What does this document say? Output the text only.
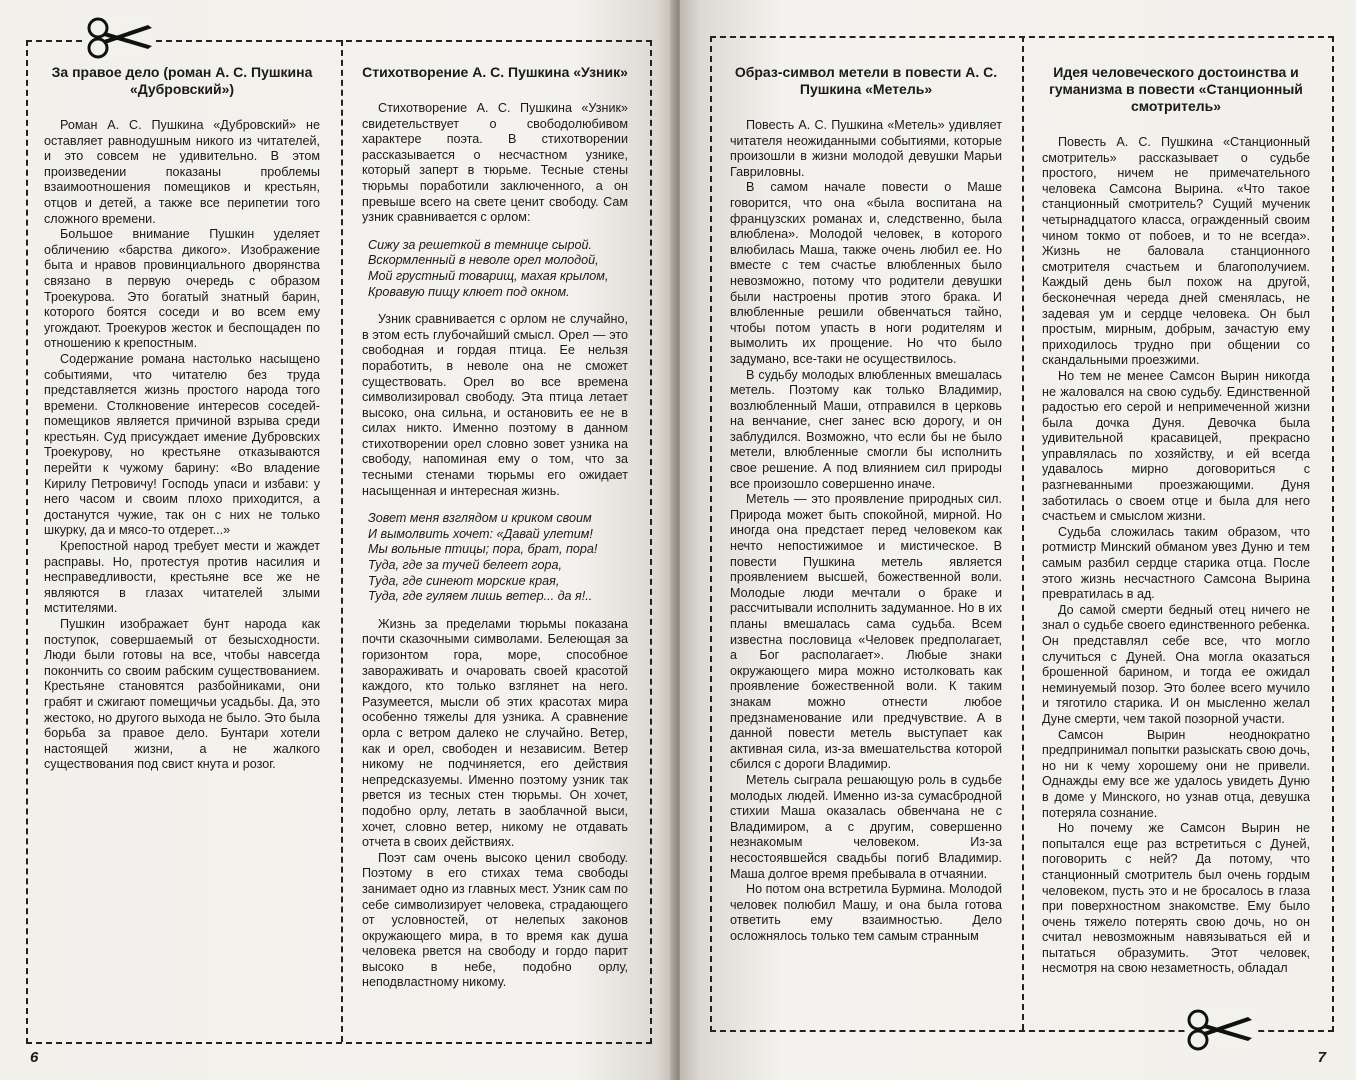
За правое дело (роман А. С. Пушкина «Дубровский»)

Роман А. С. Пушкина «Дубровский» не оставляет равнодушным никого из читателей, и это совсем не удивительно. В этом произведении показаны проблемы взаимоотношения помещиков и крестьян, отцов и детей, а также все перипетии того сложного времени.

Большое внимание Пушкин уделяет обличению «барства дикого». Изображение быта и нравов провинциального дворянства связано в первую очередь с образом Троекурова. Это богатый знатный барин, которого боятся соседи и во всем ему угождают. Троекуров жесток и беспощаден по отношению к крепостным.

Содержание романа настолько насыщено событиями, что читателю без труда представляется жизнь простого народа того времени. Столкновение интересов соседей-помещиков является причиной взрыва среди крестьян. Суд присуждает имение Дубровских Троекурову, но крестьяне отказываются перейти к чужому барину: «Во владение Кирилу Петровичу! Господь упаси и избави: у него часом и своим плохо приходится, а достанутся чужие, так он с них не только шкурку, да и мясо-то отдерет...»

Крепостной народ требует мести и жаждет расправы. Но, протестуя против насилия и несправедливости, крестьяне все же не являются в глазах читателей злыми мстителями.

Пушкин изображает бунт народа как поступок, совершаемый от безысходности. Люди были готовы на все, чтобы навсегда покончить со своим рабским существованием. Крестьяне становятся разбойниками, они грабят и сжигают помещичьи усадьбы. Да, это жестоко, но другого выхода не было. Это была борьба за правое дело. Бунтари хотели настоящей жизни, а не жалкого существования под свист кнута и розог.

Стихотворение А. С. Пушкина «Узник»

Стихотворение А. С. Пушкина «Узник» свидетельствует о свободолюбивом характере поэта. В стихотворении рассказывается о несчастном узнике, который заперт в тюрьме. Тесные стены тюрьмы поработили заключенного, а он превыше всего на свете ценит свободу. Сам узник сравнивается с орлом:

Сижу за решеткой в темнице сырой.
Вскормленный в неволе орел молодой,
Мой грустный товарищ, махая крылом,
Кровавую пищу клюет под окном.

Узник сравнивается с орлом не случайно, в этом есть глубочайший смысл. Орел — это свободная и гордая птица. Ее нельзя поработить, в неволе она не сможет существовать. Орел во все времена символизировал свободу. Эта птица летает высоко, она сильна, и остановить ее не в силах никто. Именно поэтому в данном стихотворении орел словно зовет узника на свободу, напоминая ему о том, что за тесными стенами тюрьмы его ожидает насыщенная и интересная жизнь.

Зовет меня взглядом и криком своим
И вымолвить хочет: «Давай улетим!
Мы вольные птицы; пора, брат, пора!
Туда, где за тучей белеет гора,
Туда, где синеют морские края,
Туда, где гуляем лишь ветер... да я!..

Жизнь за пределами тюрьмы показана почти сказочными символами. Белеющая за горизонтом гора, море, способное завораживать и очаровать своей красотой каждого, кто только взглянет на него. Разумеется, мысли об этих красотах мира особенно тяжелы для узника. А сравнение орла с ветром далеко не случайно. Ветер, как и орел, свободен и независим. Ветер никому не подчиняется, его действия непредсказуемы. Именно поэтому узник так рвется из тесных стен тюрьмы. Он хочет, подобно орлу, летать в заоблачной выси, хочет, словно ветер, никому не отдавать отчета в своих действиях.

Поэт сам очень высоко ценил свободу. Поэтому в его стихах тема свободы занимает одно из главных мест. Узник сам по себе символизирует человека, страдающего от условностей, от нелепых законов окружающего мира, в то время как душа человека рвется на свободу и гордо парит высоко в небе, подобно орлу, неподвластному никому.

6
Образ-символ метели в повести А. С. Пушкина «Метель»

Повесть А. С. Пушкина «Метель» удивляет читателя неожиданными событиями, которые произошли в жизни молодой девушки Марьи Гавриловны.

В самом начале повести о Маше говорится, что она «была воспитана на французских романах и, следственно, была влюблена». Молодой человек, в которого влюбилась Маша, также очень любил ее. Но вместе с тем счастье влюбленных было невозможно, потому что родители девушки были настроены против этого брака. И влюбленные решили обвенчаться тайно, чтобы потом упасть в ноги родителям и вымолить их прощение. Но что было задумано, все-таки не осуществилось.

В судьбу молодых влюбленных вмешалась метель. Поэтому как только Владимир, возлюбленный Маши, отправился в церковь на венчание, снег занес всю дорогу, и он заблудился. Возможно, что если бы не было метели, влюбленные смогли бы исполнить свое решение. А под влиянием сил природы все произошло совершенно иначе.

Метель — это проявление природных сил. Природа может быть спокойной, мирной. Но иногда она предстает перед человеком как нечто непостижимое и мистическое. В повести Пушкина метель является проявлением высшей, божественной воли. Молодые люди мечтали о браке и рассчитывали исполнить задуманное. Но в их планы вмешалась сама судьба. Всем известна пословица «Человек предполагает, а Бог располагает». Любые знаки окружающего мира можно истолковать как проявление божественной воли. К таким знакам можно отнести любое предзнаменование или предчувствие. А в данной повести метель выступает как активная сила, из-за вмешательства которой сбился с дороги Владимир.

Метель сыграла решающую роль в судьбе молодых людей. Именно из-за сумасбродной стихии Маша оказалась обвенчана не с Владимиром, а с другим, совершенно незнакомым человеком. Из-за несостоявшейся свадьбы погиб Владимир. Маша долгое время пребывала в отчаянии.

Но потом она встретила Бурмина. Молодой человек полюбил Машу, и она была готова ответить ему взаимностью. Дело осложнялось только тем самым странным

Идея человеческого достоинства и гуманизма в повести «Станционный смотритель»

Повесть А. С. Пушкина «Станционный смотритель» рассказывает о судьбе простого, ничем не примечательного человека Самсона Вырина. «Что такое станционный смотритель? Сущий мученик четырнадцатого класса, огражденный своим чином токмо от побоев, и то не всегда». Жизнь не баловала станционного смотрителя счастьем и благополучием. Каждый день был похож на другой, бесконечная череда дней сменялась, не задевая ум и сердце человека. Он был простым, мирным, добрым, зачастую ему приходилось трудно при общении со скандальными проезжими.

Но тем не менее Самсон Вырин никогда не жаловался на свою судьбу. Единственной радостью его серой и непримеченной жизни была дочка Дуня. Девочка была удивительной красавицей, прекрасно управлялась по хозяйству, и ей всегда удавалось мирно договориться с разгневанными проезжающими. Дуня заботилась о своем отце и была для него счастьем и смыслом жизни.

Судьба сложилась таким образом, что ротмистр Минский обманом увез Дуню и тем самым разбил сердце старика отца. После этого жизнь несчастного Самсона Вырина превратилась в ад.

До самой смерти бедный отец ничего не знал о судьбе своего единственного ребенка. Он представлял себе все, что могло случиться с Дуней. Она могла оказаться брошенной барином, и тогда ее ожидал неминуемый позор. Это более всего мучило и тяготило старика. И он мысленно желал Дуне смерти, чем такой позорной участи.

Самсон Вырин неоднократно предпринимал попытки разыскать свою дочь, но ни к чему хорошему они не привели. Однажды ему все же удалось увидеть Дуню в доме у Минского, но узнав отца, девушка потеряла сознание.

Но почему же Самсон Вырин не попытался еще раз встретиться с Дуней, поговорить с ней? Да потому, что станционный смотритель был очень гордым человеком, пусть это и не бросалось в глаза при поверхностном знакомстве. Ему было очень тяжело потерять свою дочь, но он считал невозможным навязываться ей и пытаться образумить. Этот человек, несмотря на свою незаметность, обладал

7
